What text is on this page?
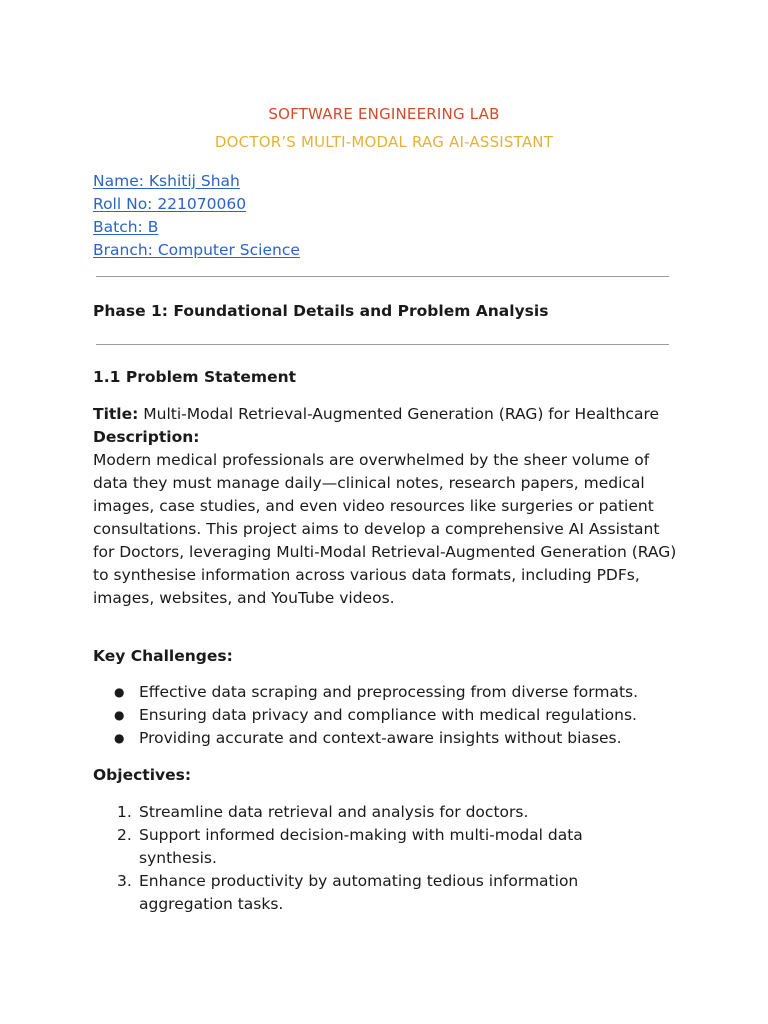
SOFTWARE ENGINEERING LAB
DOCTOR’S MULTI-MODAL RAG AI-ASSISTANT
Name: Kshitij Shah
Roll No: 221070060
Batch: B
Branch: Computer Science
Phase 1: Foundational Details and Problem Analysis
1.1 Problem Statement
Title: Multi-Modal Retrieval-Augmented Generation (RAG) for Healthcare
Description:

Modern medical professionals are overwhelmed by the sheer volume of data they must manage daily—clinical notes, research papers, medical images, case studies, and even video resources like surgeries or patient consultations. This project aims to develop a comprehensive AI Assistant for Doctors, leveraging Multi-Modal Retrieval-Augmented Generation (RAG) to synthesise information across various data formats, including PDFs, images, websites, and YouTube videos.

Key Challenges:
● Effective data scraping and preprocessing from diverse formats.
● Ensuring data privacy and compliance with medical regulations.
● Providing accurate and context-aware insights without biases.
Objectives:
1. Streamline data retrieval and analysis for doctors.
2. Support informed decision-making with multi-modal data synthesis.
3. Enhance productivity by automating tedious information aggregation tasks.
